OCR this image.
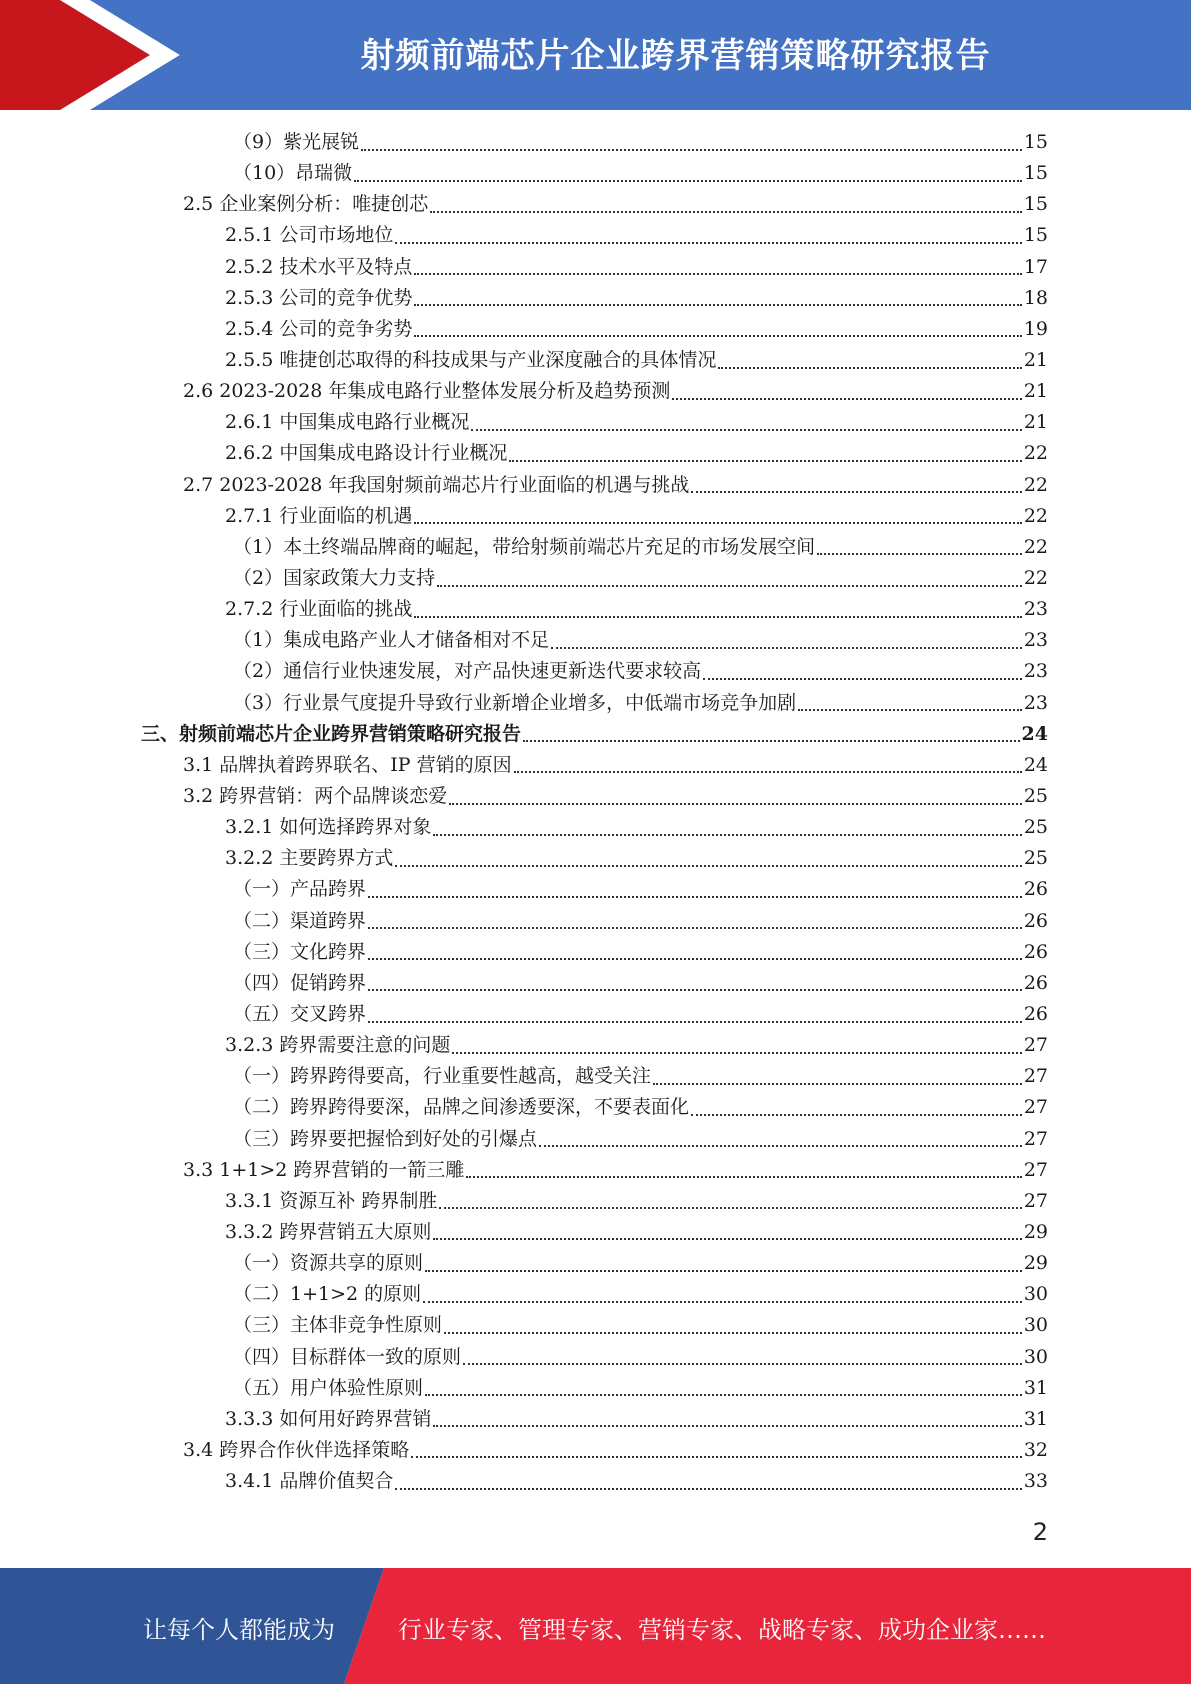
射频前端芯片企业跨界营销策略研究报告
（9）紫光展锐	15
（10）昂瑞微	15
2.5 企业案例分析：唯捷创芯	15
2.5.1 公司市场地位	15
2.5.2 技术水平及特点	17
2.5.3 公司的竞争优势	18
2.5.4 公司的竞争劣势	19
2.5.5 唯捷创芯取得的科技成果与产业深度融合的具体情况	21
2.6 2023-2028 年集成电路行业整体发展分析及趋势预测	21
2.6.1 中国集成电路行业概况	21
2.6.2 中国集成电路设计行业概况	22
2.7 2023-2028 年我国射频前端芯片行业面临的机遇与挑战	22
2.7.1 行业面临的机遇	22
（1）本土终端品牌商的崛起，带给射频前端芯片充足的市场发展空间	22
（2）国家政策大力支持	22
2.7.2 行业面临的挑战	23
（1）集成电路产业人才储备相对不足	23
（2）通信行业快速发展，对产品快速更新迭代要求较高	23
（3）行业景气度提升导致行业新增企业增多，中低端市场竞争加剧	23
三、射频前端芯片企业跨界营销策略研究报告	24
3.1 品牌执着跨界联名、IP 营销的原因	24
3.2 跨界营销：两个品牌谈恋爱	25
3.2.1 如何选择跨界对象	25
3.2.2 主要跨界方式	25
（一）产品跨界	26
（二）渠道跨界	26
（三）文化跨界	26
（四）促销跨界	26
（五）交叉跨界	26
3.2.3 跨界需要注意的问题	27
（一）跨界跨得要高，行业重要性越高，越受关注	27
（二）跨界跨得要深，品牌之间渗透要深，不要表面化	27
（三）跨界要把握恰到好处的引爆点	27
3.3 1+1>2 跨界营销的一箭三雕	27
3.3.1 资源互补 跨界制胜	27
3.3.2 跨界营销五大原则	29
（一）资源共享的原则	29
（二）1+1>2 的原则	30
（三）主体非竞争性原则	30
（四）目标群体一致的原则	30
（五）用户体验性原则	31
3.3.3 如何用好跨界营销	31
3.4 跨界合作伙伴选择策略	32
3.4.1 品牌价值契合	33
2
让每个人都能成为	行业专家、管理专家、营销专家、战略专家、成功企业家……
